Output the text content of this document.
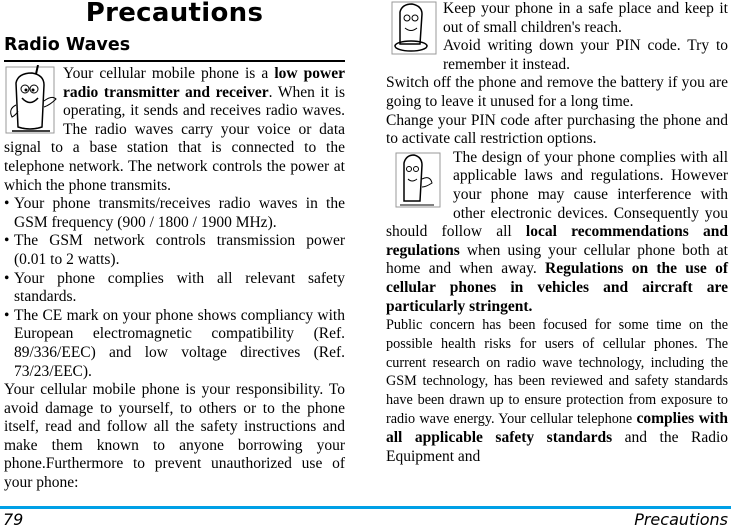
Precautions
Radio Waves

Your cellular mobile phone is a low power radio transmitter and receiver. When it is operating, it sends and receives radio waves. The radio waves carry your voice or data signal to a base station that is connected to the telephone network. The network controls the power at which the phone transmits.

• Your phone transmits/receives radio waves in the GSM frequency (900 / 1800 / 1900 MHz).
• The GSM network controls transmission power (0.01 to 2 watts).
• Your phone complies with all relevant safety standards.
• The CE mark on your phone shows compliancy with European electromagnetic compatibility (Ref. 89/336/EEC) and low voltage directives (Ref. 73/23/EEC).

Your cellular mobile phone is your responsibility. To avoid damage to yourself, to others or to the phone itself, read and follow all the safety instructions and make them known to anyone borrowing your phone.Furthermore to prevent unauthorized use of your phone:

Keep your phone in a safe place and keep it out of small children's reach.

Avoid writing down your PIN code. Try to remember it instead.

Switch off the phone and remove the battery if you are going to leave it unused for a long time.

Change your PIN code after purchasing the phone and to activate call restriction options.

The design of your phone complies with all applicable laws and regulations. However your phone may cause interference with other electronic devices. Consequently you should follow all local recommendations and regulations when using your cellular phone both at home and when away. Regulations on the use of cellular phones in vehicles and aircraft are particularly stringent.

Public concern has been focused for some time on the possible health risks for users of cellular phones. The current research on radio wave technology, including the GSM technology, has been reviewed and safety standards have been drawn up to ensure protection from exposure to radio wave energy. Your cellular telephone complies with all applicable safety standards and the Radio Equipment and

79	Precautions
